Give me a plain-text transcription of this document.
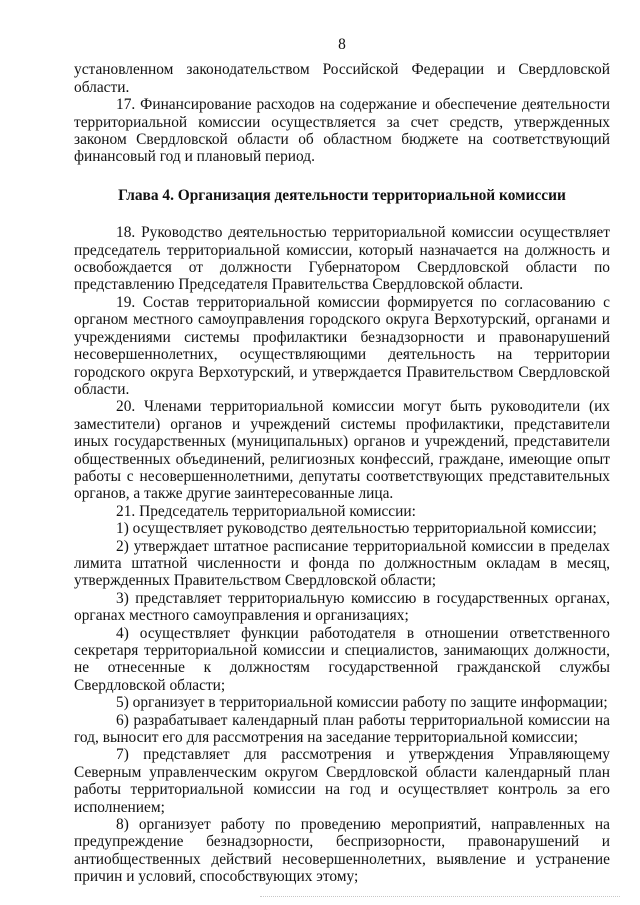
8

установленном законодательством Российской Федерации и Свердловской области.

17. Финансирование расходов на содержание и обеспечение деятельности территориальной комиссии осуществляется за счет средств, утвержденных законом Свердловской области об областном бюджете на соответствующий финансовый год и плановый период.

Глава 4. Организация деятельности территориальной комиссии

18. Руководство деятельностью территориальной комиссии осуществляет председатель территориальной комиссии, который назначается на должность и освобождается от должности Губернатором Свердловской области по представлению Председателя Правительства Свердловской области.

19. Состав территориальной комиссии формируется по согласованию с органом местного самоуправления городского округа Верхотурский, органами и учреждениями системы профилактики безнадзорности и правонарушений несовершеннолетних, осуществляющими деятельность на территории городского округа Верхотурский, и утверждается Правительством Свердловской области.

20. Членами территориальной комиссии могут быть руководители (их заместители) органов и учреждений системы профилактики, представители иных государственных (муниципальных) органов и учреждений, представители общественных объединений, религиозных конфессий, граждане, имеющие опыт работы с несовершеннолетними, депутаты соответствующих представительных органов, а также другие заинтересованные лица.

21. Председатель территориальной комиссии:

1) осуществляет руководство деятельностью территориальной комиссии;

2) утверждает штатное расписание территориальной комиссии в пределах лимита штатной численности и фонда по должностным окладам в месяц, утвержденных Правительством Свердловской области;

3) представляет территориальную комиссию в государственных органах, органах местного самоуправления и организациях;

4) осуществляет функции работодателя в отношении ответственного секретаря территориальной комиссии и специалистов, занимающих должности, не отнесенные к должностям государственной гражданской службы Свердловской области;

5) организует в территориальной комиссии работу по защите информации;

6) разрабатывает календарный план работы территориальной комиссии на год, выносит его для рассмотрения на заседание территориальной комиссии;

7) представляет для рассмотрения и утверждения Управляющему Северным управленческим округом Свердловской области календарный план работы территориальной комиссии на год и осуществляет контроль за его исполнением;

8) организует работу по проведению мероприятий, направленных на предупреждение безнадзорности, беспризорности, правонарушений и антиобщественных действий несовершеннолетних, выявление и устранение причин и условий, способствующих этому;
